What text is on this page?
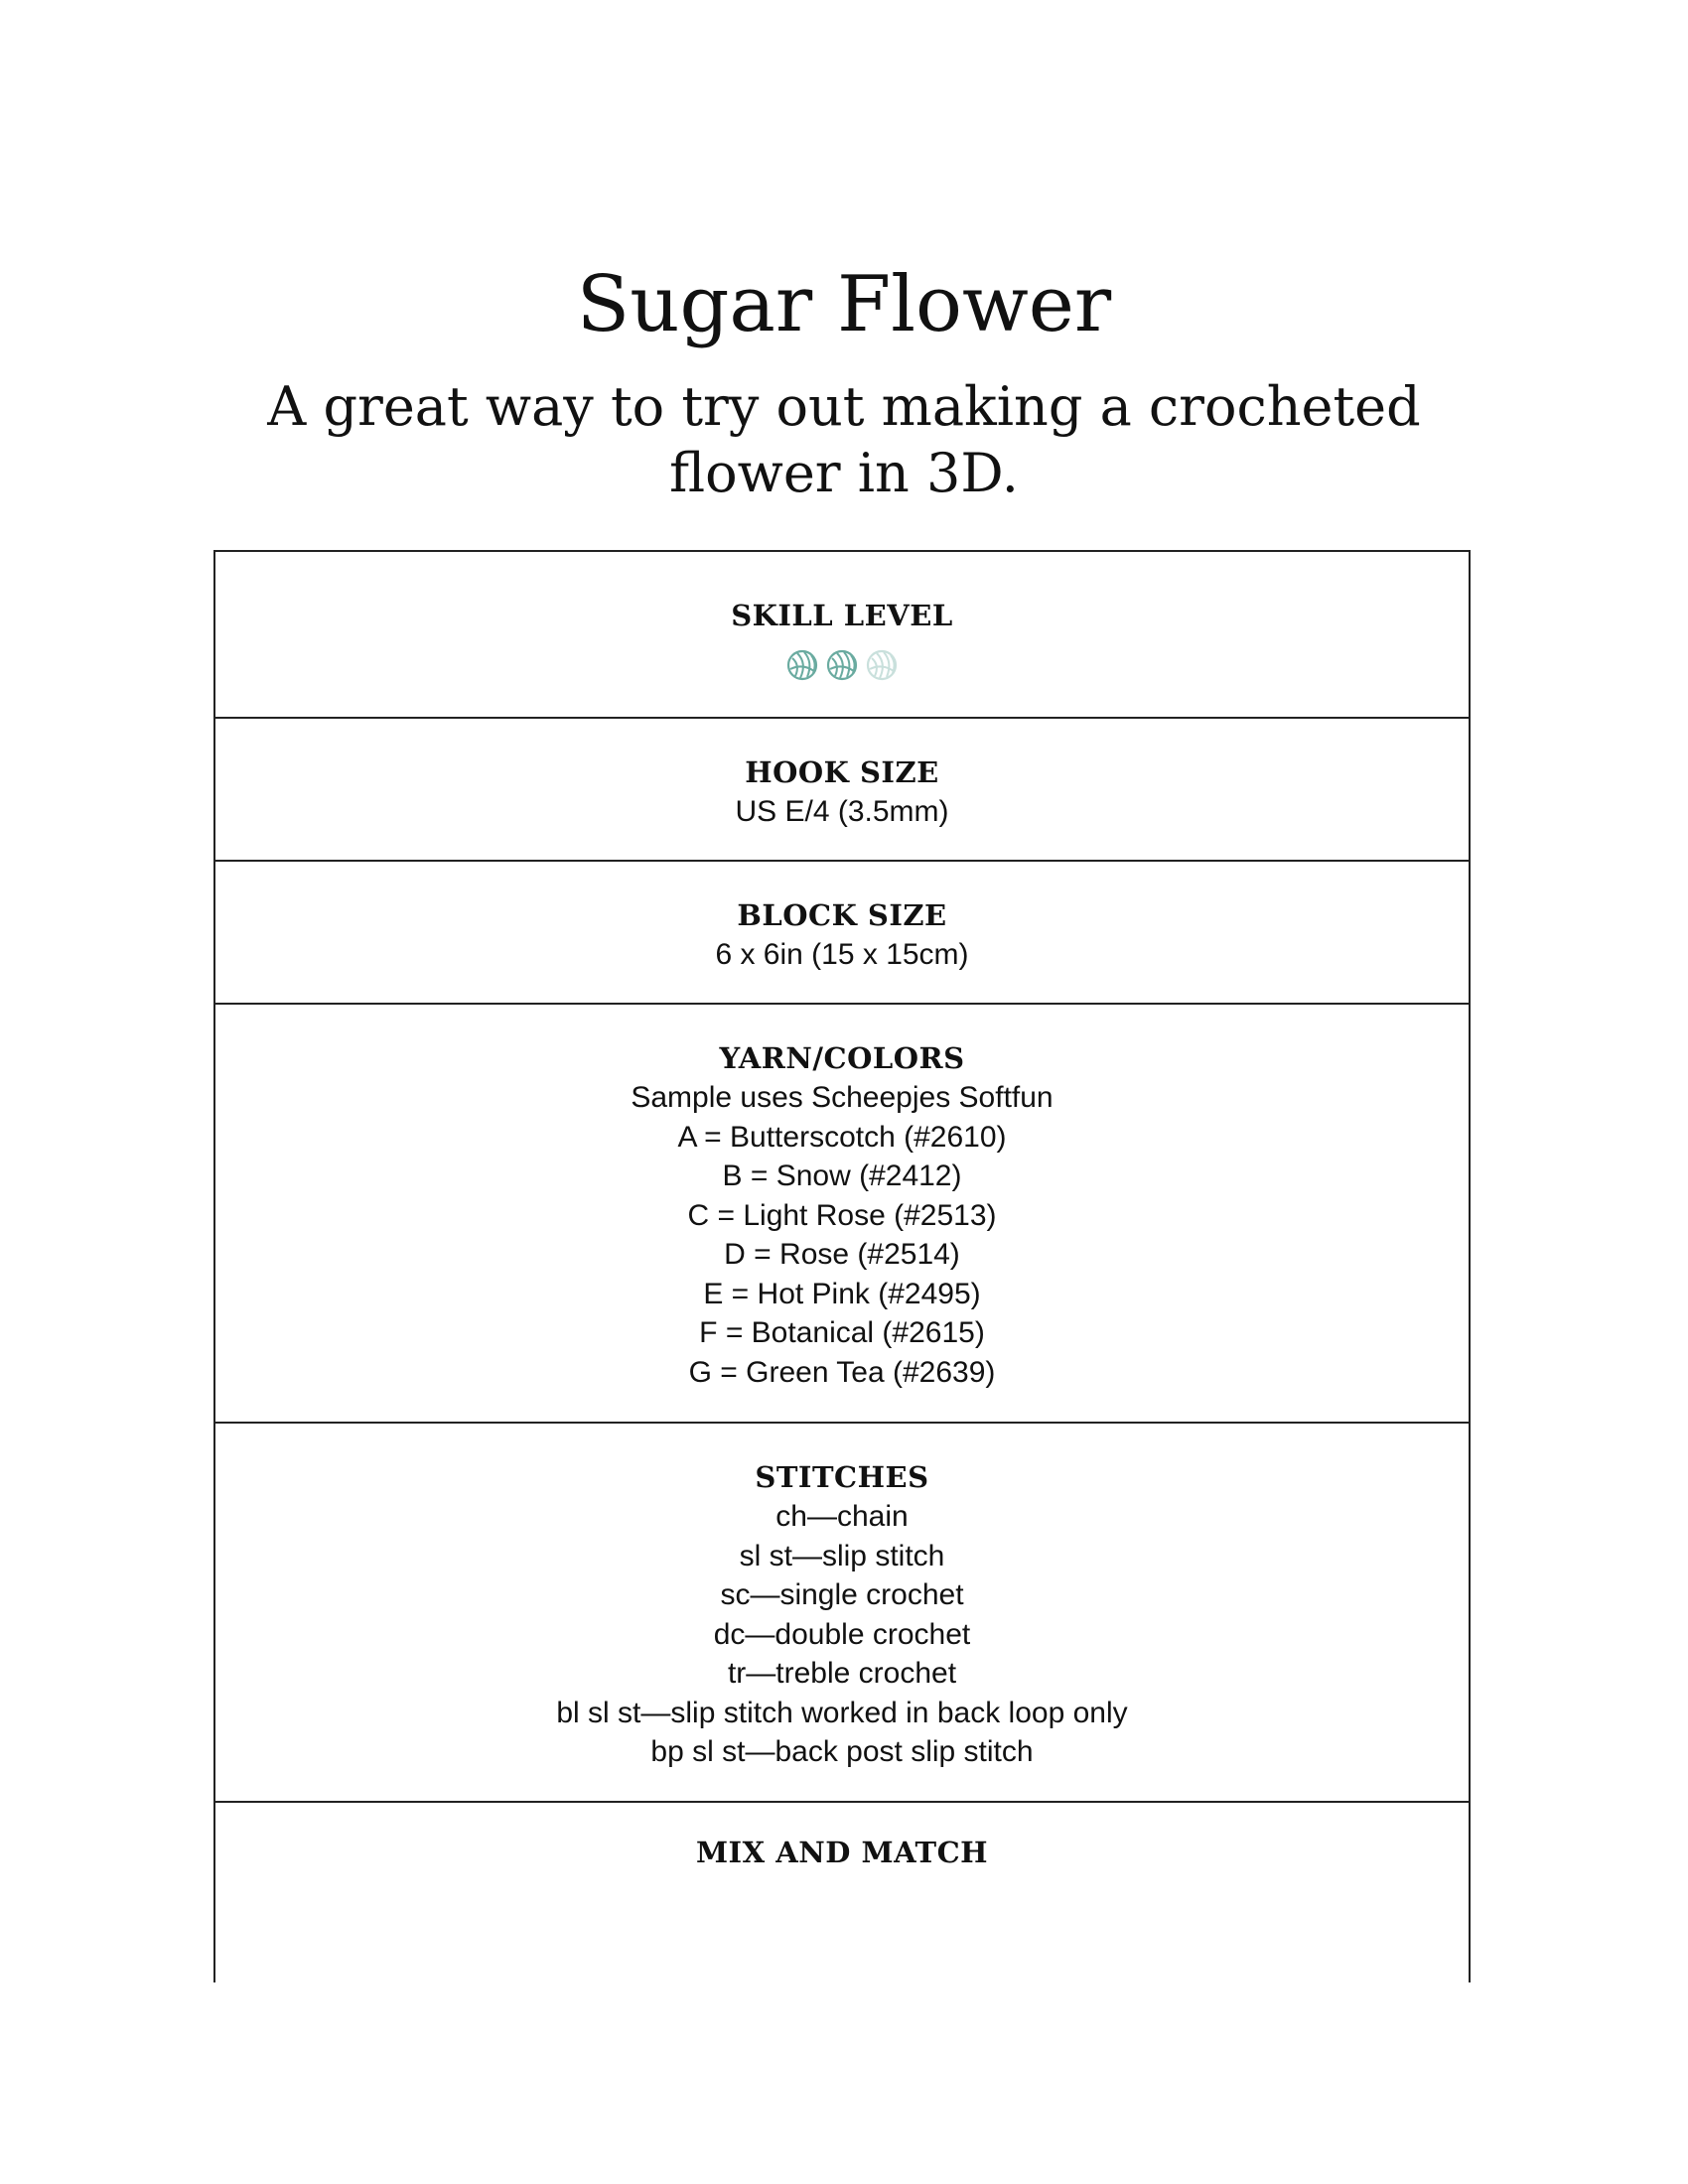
Sugar Flower
A great way to try out making a crocheted flower in 3D.
SKILL LEVEL
HOOK SIZE
US E/4 (3.5mm)
BLOCK SIZE
6 x 6in (15 x 15cm)
YARN/COLORS
Sample uses Scheepjes Softfun
A = Butterscotch (#2610)
B = Snow (#2412)
C = Light Rose (#2513)
D = Rose (#2514)
E = Hot Pink (#2495)
F = Botanical (#2615)
G = Green Tea (#2639)
STITCHES
ch—chain
sl st—slip stitch
sc—single crochet
dc—double crochet
tr—treble crochet
bl sl st—slip stitch worked in back loop only
bp sl st—back post slip stitch
MIX AND MATCH
